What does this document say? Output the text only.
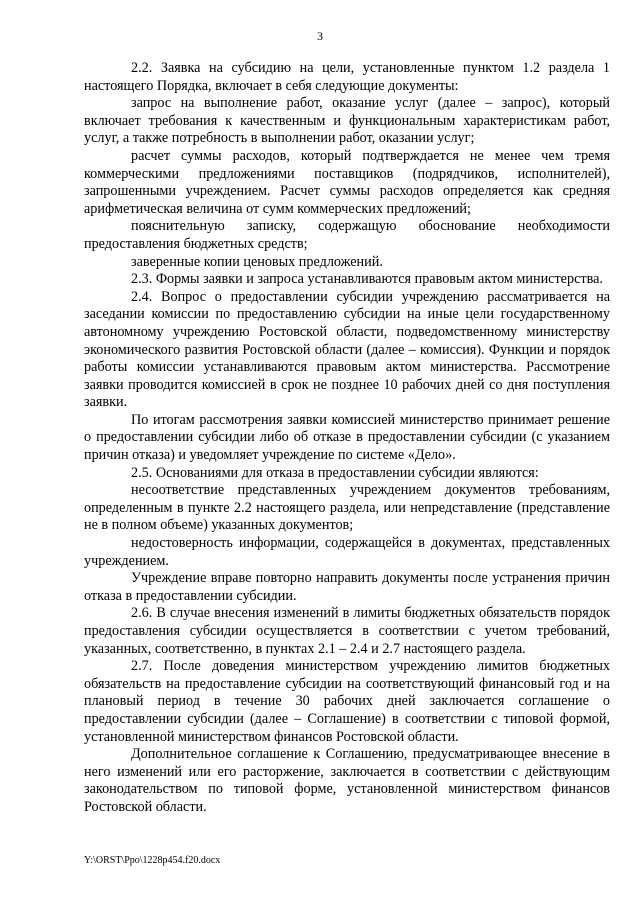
3

2.2. Заявка на субсидию на цели, установленные пунктом 1.2 раздела 1 настоящего Порядка, включает в себя следующие документы:

запрос на выполнение работ, оказание услуг (далее – запрос), который включает требования к качественным и функциональным характеристикам работ, услуг, а также потребность в выполнении работ, оказании услуг;

расчет суммы расходов, который подтверждается не менее чем тремя коммерческими предложениями поставщиков (подрядчиков, исполнителей), запрошенными учреждением. Расчет суммы расходов определяется как средняя арифметическая величина от сумм коммерческих предложений;

пояснительную записку, содержащую обоснование необходимости предоставления бюджетных средств;

заверенные копии ценовых предложений.

2.3. Формы заявки и запроса устанавливаются правовым актом министерства.

2.4. Вопрос о предоставлении субсидии учреждению рассматривается на заседании комиссии по предоставлению субсидии на иные цели государственному автономному учреждению Ростовской области, подведомственному министерству экономического развития Ростовской области (далее – комиссия). Функции и порядок работы комиссии устанавливаются правовым актом министерства. Рассмотрение заявки проводится комиссией в срок не позднее 10 рабочих дней со дня поступления заявки.

По итогам рассмотрения заявки комиссией министерство принимает решение о предоставлении субсидии либо об отказе в предоставлении субсидии (с указанием причин отказа) и уведомляет учреждение по системе «Дело».

2.5. Основаниями для отказа в предоставлении субсидии являются:

несоответствие представленных учреждением документов требованиям, определенным в пункте 2.2 настоящего раздела, или непредставление (представление не в полном объеме) указанных документов;

недостоверность информации, содержащейся в документах, представленных учреждением.

Учреждение вправе повторно направить документы после устранения причин отказа в предоставлении субсидии.

2.6. В случае внесения изменений в лимиты бюджетных обязательств порядок предоставления субсидии осуществляется в соответствии с учетом требований, указанных, соответственно, в пунктах 2.1 – 2.4 и 2.7 настоящего раздела.

2.7. После доведения министерством учреждению лимитов бюджетных обязательств на предоставление субсидии на соответствующий финансовый год и на плановый период в течение 30 рабочих дней заключается соглашение о предоставлении субсидии (далее – Соглашение) в соответствии с типовой формой, установленной министерством финансов Ростовской области.

Дополнительное соглашение к Соглашению, предусматривающее внесение в него изменений или его расторжение, заключается в соответствии с действующим законодательством по типовой форме, установленной министерством финансов Ростовской области.

Y:\ORST\Ppo\1228p454.f20.docx
